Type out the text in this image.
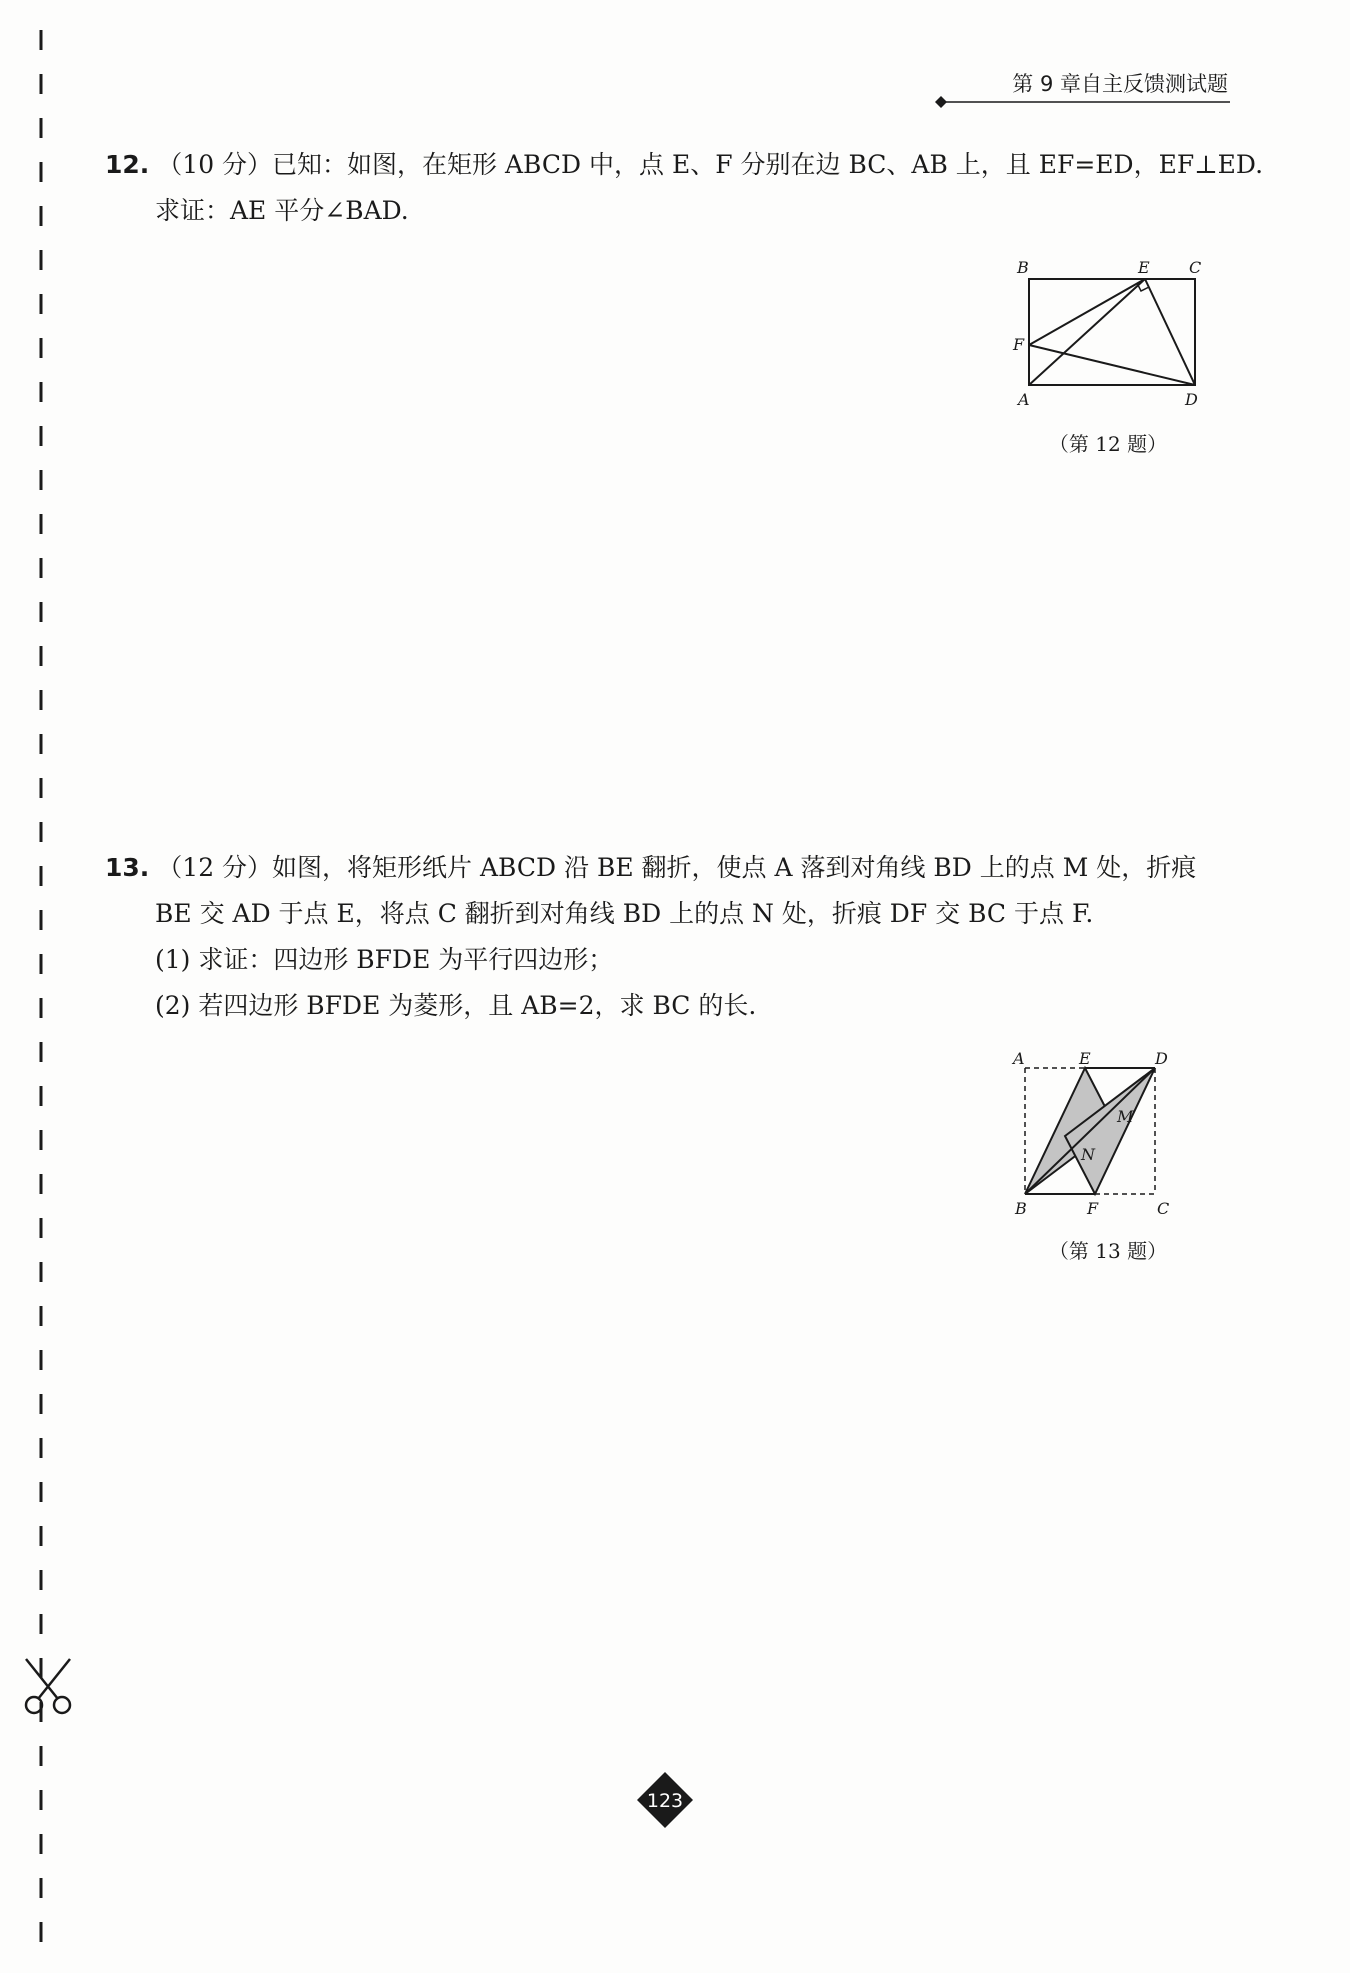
第 9 章自主反馈测试题
12. （10 分）已知：如图，在矩形 ABCD 中，点 E、F 分别在边 BC、AB 上，且 EF=ED，EF⊥ED.
求证：AE 平分∠BAD.
B	E C
F
A	D
（第 12 题）
13. （12 分）如图，将矩形纸片 ABCD 沿 BE 翻折，使点 A 落到对角线 BD 上的点 M 处，折痕
BE 交 AD 于点 E，将点 C 翻折到对角线 BD 上的点 N 处，折痕 DF 交 BC 于点 F.
(1) 求证：四边形 BFDE 为平行四边形；
(2) 若四边形 BFDE 为菱形，且 AB=2，求 BC 的长.
A	E	D
M
N
B	F	C
（第 13 题）
123
